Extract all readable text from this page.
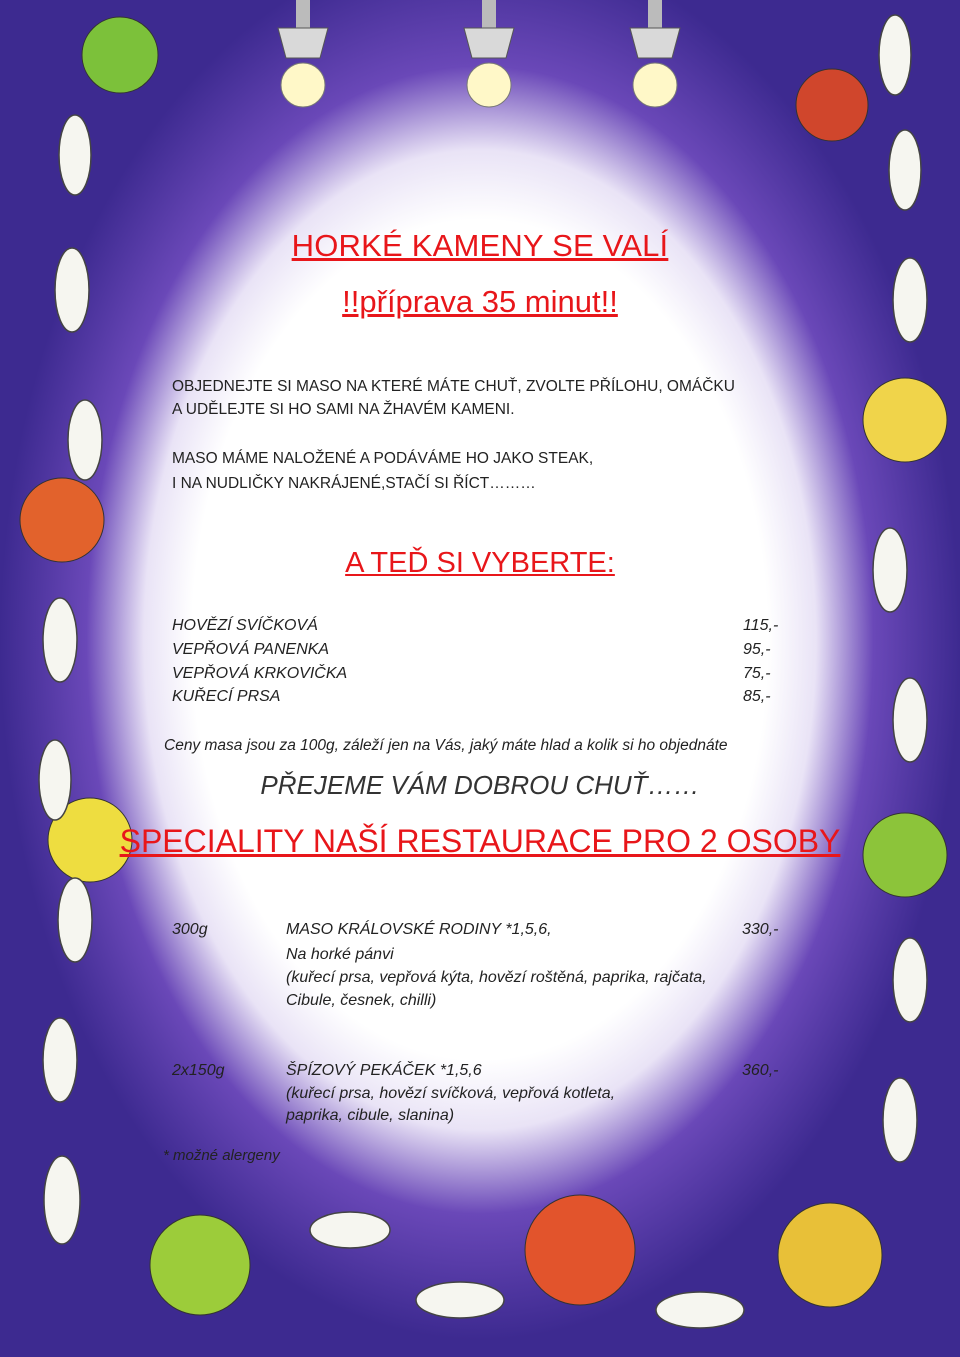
HORKÉ KAMENY SE VALÍ
!!příprava 35 minut!!
OBJEDNEJTE SI MASO NA KTERÉ MÁTE CHUŤ, ZVOLTE PŘÍLOHU, OMÁČKU
A UDĚLEJTE SI HO SAMI NA ŽHAVÉM KAMENI.
MASO MÁME NALOŽENÉ A PODÁVÁME HO JAKO STEAK,
I NA NUDLIČKY NAKRÁJENÉ,STAČÍ SI ŘÍCT………
A TEĎ SI VYBERTE:
HOVĚZÍ SVÍČKOVÁ	115,-
VEPŘOVÁ PANENKA	95,-
VEPŘOVÁ KRKOVIČKA	75,-
KUŘECÍ PRSA	85,-
Ceny masa jsou za 100g, záleží jen na Vás, jaký máte hlad a kolik si ho objednáte
PŘEJEME VÁM DOBROU CHUŤ……
SPECIALITY NAŠÍ RESTAURACE PRO 2 OSOBY
300g	MASO KRÁLOVSKÉ RODINY *1,5,6,	330,-
Na horké pánvi
(kuřecí prsa, vepřová kýta, hovězí roštěná, paprika, rajčata,
Cibule, česnek, chilli)
2x150g	ŠPÍZOVÝ PEKÁČEK *1,5,6	360,-
(kuřecí prsa, hovězí svíčková, vepřová kotleta,
paprika, cibule, slanina)
* možné alergeny
